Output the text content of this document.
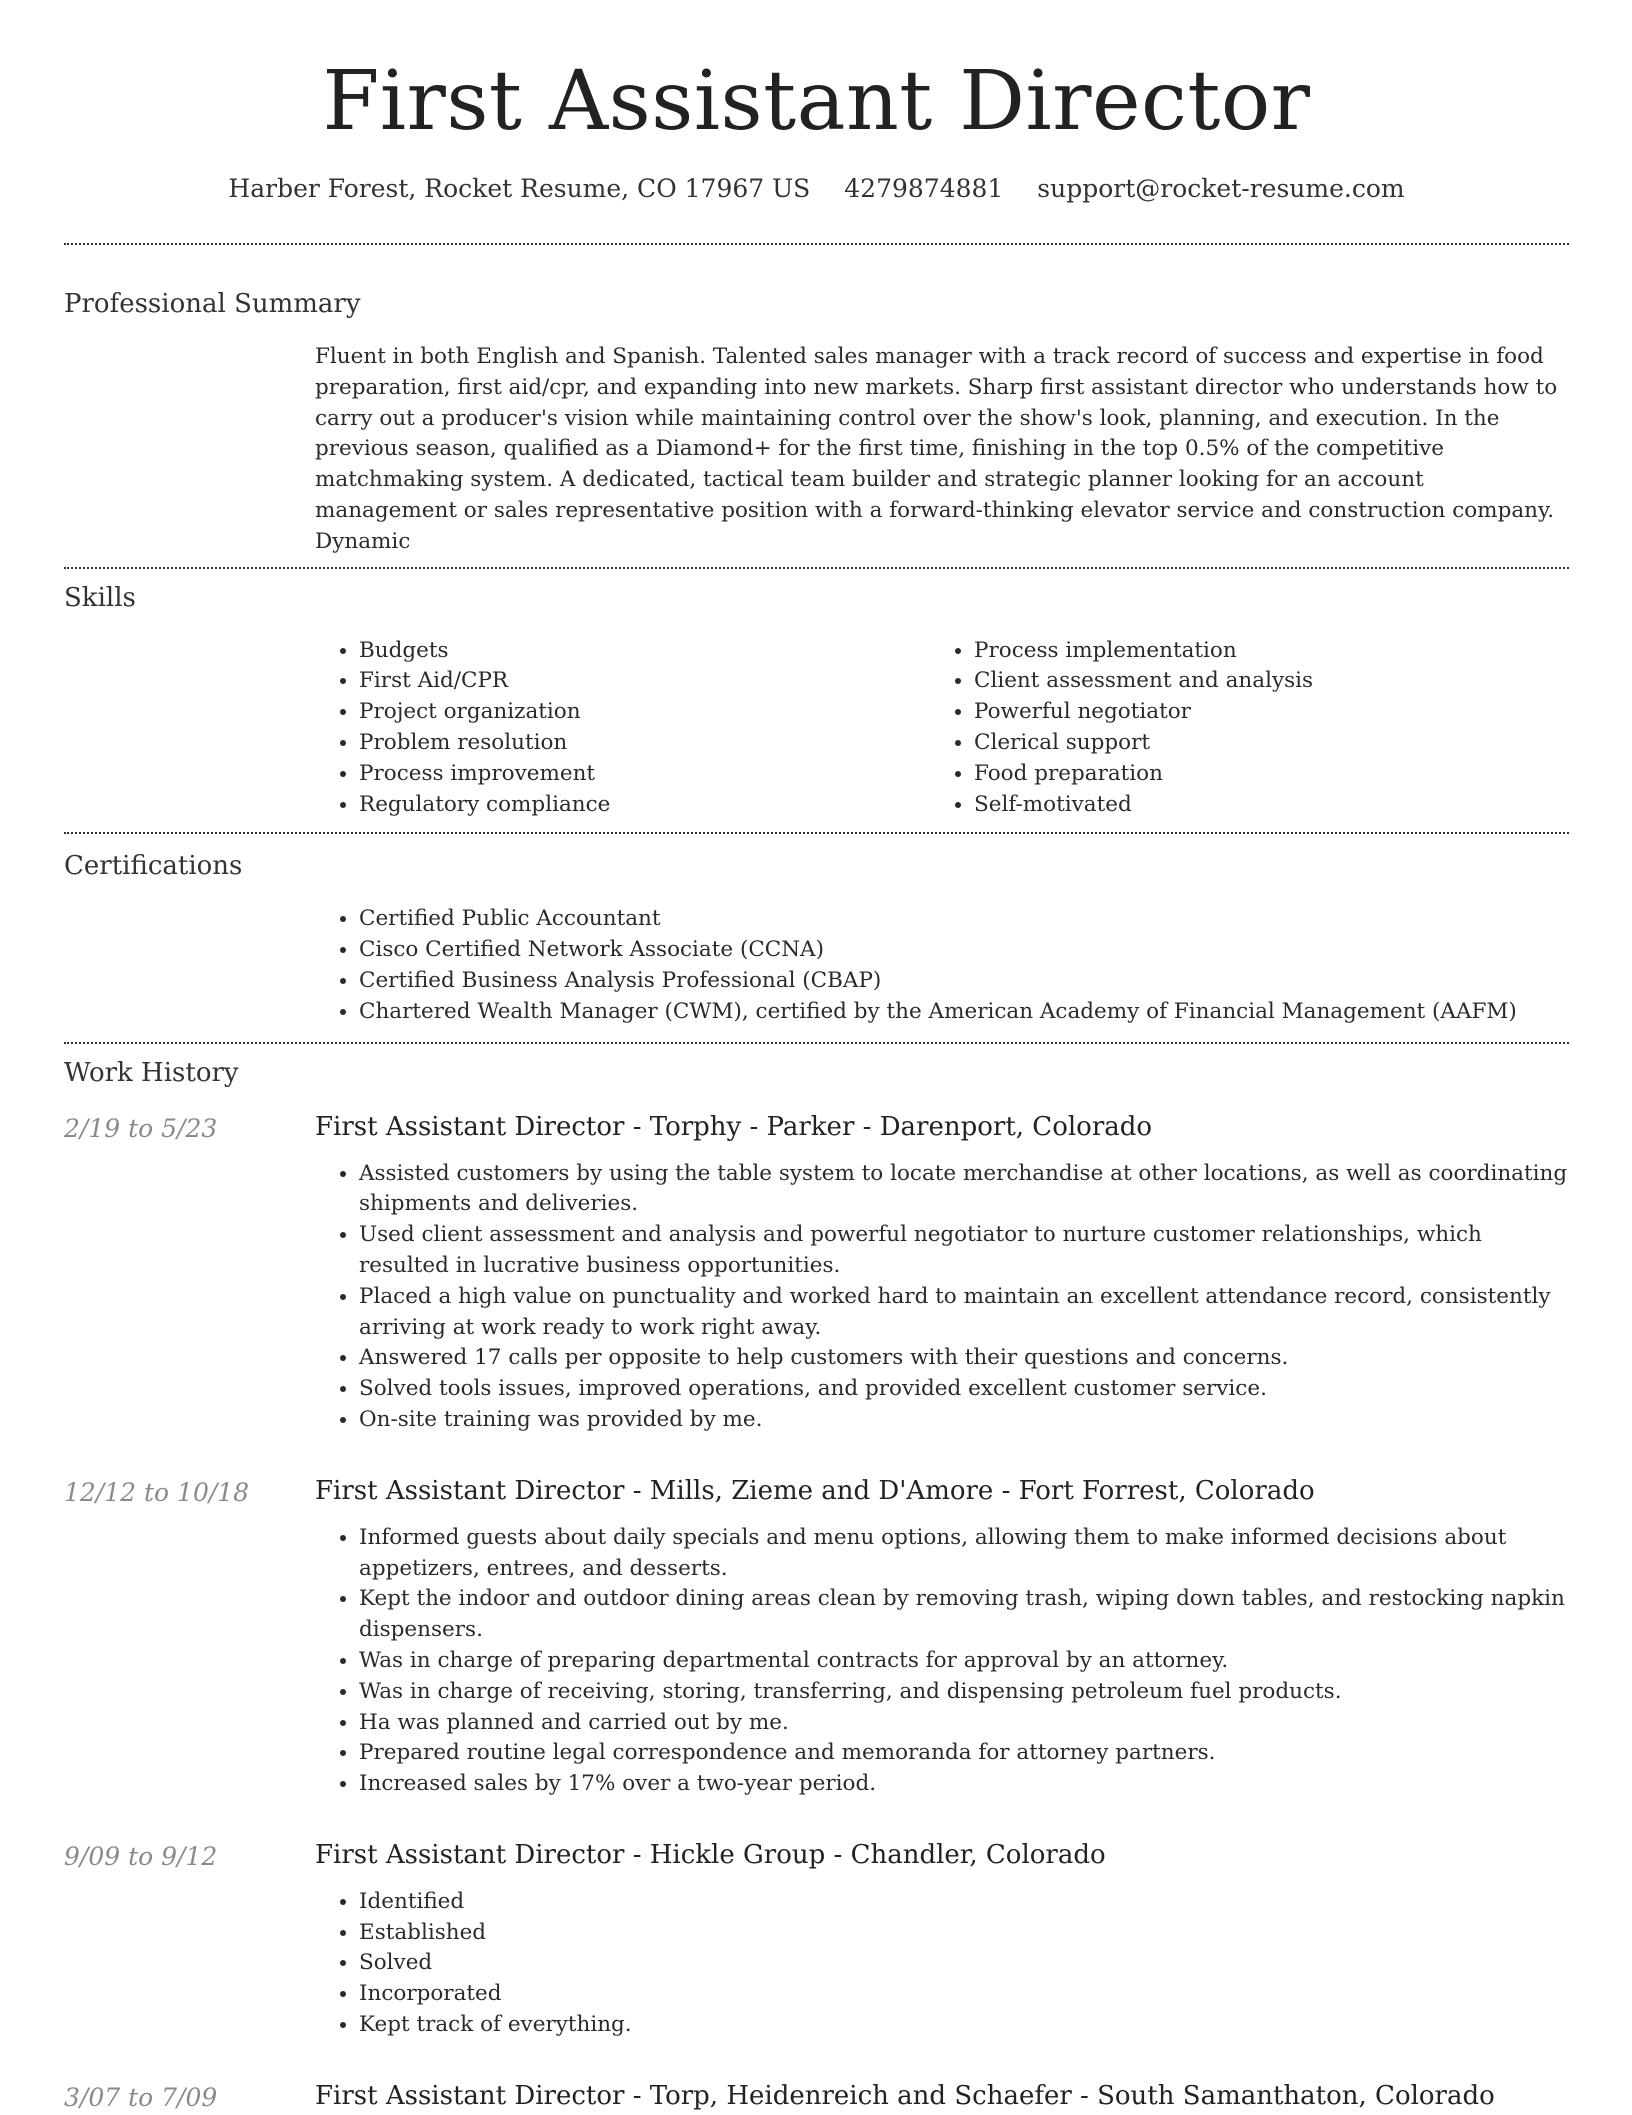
First Assistant Director
Harber Forest, Rocket Resume, CO 17967 US 4279874881 support@rocket-resume.com
Professional Summary

Fluent in both English and Spanish. Talented sales manager with a track record of success and expertise in food preparation, first aid/cpr, and expanding into new markets. Sharp first assistant director who understands how to carry out a producer's vision while maintaining control over the show's look, planning, and execution. In the previous season, qualified as a Diamond+ for the first time, finishing in the top 0.5% of the competitive matchmaking system. A dedicated, tactical team builder and strategic planner looking for an account management or sales representative position with a forward-thinking elevator service and construction company. Dynamic

Skills
• Budgets
• First Aid/CPR
• Project organization
• Problem resolution
• Process improvement
• Regulatory compliance
• Process implementation
• Client assessment and analysis
• Powerful negotiator
• Clerical support
• Food preparation
• Self-motivated
Certifications
• Certified Public Accountant
• Cisco Certified Network Associate (CCNA)
• Certified Business Analysis Professional (CBAP)
• Chartered Wealth Manager (CWM), certified by the American Academy of Financial Management (AAFM)
Work History
2/19 to 5/23	First Assistant Director - Torphy - Parker - Darenport, Colorado
• Assisted customers by using the table system to locate merchandise at other locations, as well as coordinating shipments and deliveries.
• Used client assessment and analysis and powerful negotiator to nurture customer relationships, which resulted in lucrative business opportunities.
• Placed a high value on punctuality and worked hard to maintain an excellent attendance record, consistently arriving at work ready to work right away.
• Answered 17 calls per opposite to help customers with their questions and concerns.
• Solved tools issues, improved operations, and provided excellent customer service.
• On-site training was provided by me.
12/12 to 10/18	First Assistant Director - Mills, Zieme and D'Amore - Fort Forrest, Colorado
• Informed guests about daily specials and menu options, allowing them to make informed decisions about appetizers, entrees, and desserts.
• Kept the indoor and outdoor dining areas clean by removing trash, wiping down tables, and restocking napkin dispensers.
• Was in charge of preparing departmental contracts for approval by an attorney.
• Was in charge of receiving, storing, transferring, and dispensing petroleum fuel products.
• Ha was planned and carried out by me.
• Prepared routine legal correspondence and memoranda for attorney partners.
• Increased sales by 17% over a two-year period.
9/09 to 9/12	First Assistant Director - Hickle Group - Chandler, Colorado
• Identified
• Established
• Solved
• Incorporated
• Kept track of everything.
3/07 to 7/09	First Assistant Director - Torp, Heidenreich and Schaefer - South Samanthaton, Colorado
